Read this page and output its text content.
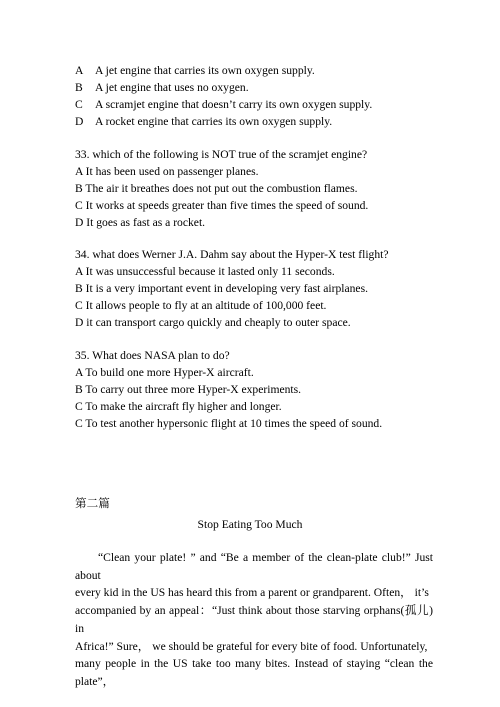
A A jet engine that carries its own oxygen supply.
B A jet engine that uses no oxygen.
C A scramjet engine that doesn’t carry its own oxygen supply.
D A rocket engine that carries its own oxygen supply.
33. which of the following is NOT true of the scramjet engine?
A It has been used on passenger planes.
B The air it breathes does not put out the combustion flames.
C It works at speeds greater than five times the speed of sound.
D It goes as fast as a rocket.
34. what does Werner J.A. Dahm say about the Hyper-X test flight?
A It was unsuccessful because it lasted only 11 seconds.
B It is a very important event in developing very fast airplanes.
C It allows people to fly at an altitude of 100,000 feet.
D it can transport cargo quickly and cheaply to outer space.
35. What does NASA plan to do?
A To build one more Hyper-X aircraft.
B To carry out three more Hyper-X experiments.
C To make the aircraft fly higher and longer.
C To test another hypersonic flight at 10 times the speed of sound.
第二篇
Stop Eating Too Much
“Clean your plate! ” and “Be a member of the clean-plate club!” Just about
every kid in the US has heard this from a parent or grandparent. Often， it’s
accompanied by an appeal：“Just think about those starving orphans(孤儿) in
Africa!” Sure， we should be grateful for every bite of food. Unfortunately,
many people in the US take too many bites. Instead of staying “clean the plate”，
